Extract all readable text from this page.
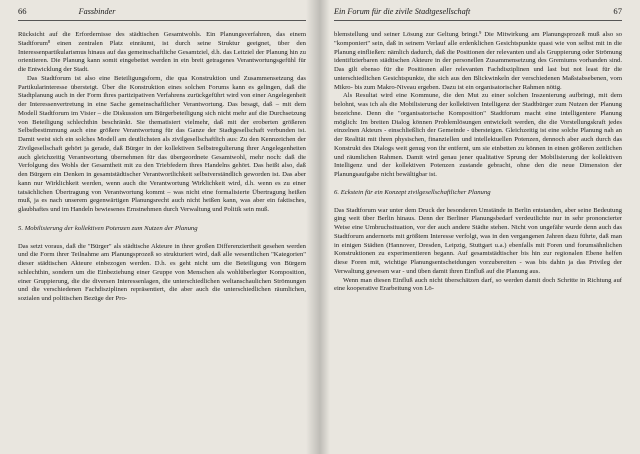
66	Fassbinder

Rücksicht auf die Erfordernisse des städtischen Gesamtwohls. Ein Planungsverfahren, das einem Stadtforum⁸ einen zentralen Platz einräumt, ist durch seine Struktur geeignet, über den Interessenpartikularismus hinaus auf das gemeinschaftliche Gesamtziel, d.h. das Leitziel der Planung hin zu orientieren. Die Planung kann somit eingebettet werden in ein breit getragenes Verantwortungsgefühl für die Entwicklung der Stadt.

Das Stadtforum ist also eine Beteiligungsform, die qua Konstruktion und Zusammensetzung das Partikularinteresse übersteigt. Über die Konstruktion eines solchen Forums kann es gelingen, daß die Stadtplanung auch in der Form ihres partizipativen Verfahrens zurückgeführt wird von einer Angelegenheit der Interessenvertretung in eine Sache gemeinschaftlicher Verantwortung. Das besagt, daß – mit dem Modell Stadtforum im Visier – die Diskussion um Bürgerbeteiligung sich nicht mehr auf die Durchsetzung von Beteiligung schlechthin beschränkt. Sie thematisiert vielmehr, daß mit der eroberten größeren Selbstbestimmung auch eine größere Verantwortung für das Ganze der Stadtgesellschaft verbunden ist. Damit weist sich ein solches Modell am deutlichsten als zivilgesellschaftlich aus: Zu den Kennzeichen der Zivilgesellschaft gehört ja gerade, daß Bürger in der kollektiven Selbstregulierung ihrer Angelegenheiten auch gleichzeitig Verantwortung übernehmen für das übergeordnete Gesamtwohl, mehr noch: daß die Verfolgung des Wohls der Gesamtheit mit zu den Triebfedern ihres Handelns gehört. Das heißt also, daß den Bürgern ein Denken in gesamtstädtischer Verantwortlichkeit selbstverständlich geworden ist. Das aber kann nur Wirklichkeit werden, wenn auch die Verantwortung Wirklichkeit wird, d.h. wenn es zu einer tatsächlichen Übertragung von Verantwortung kommt – was nicht eine formalisierte Übertragung heißen muß, ja es nach unserem gegenwärtigen Planungsrecht auch nicht heißen kann, was aber ein faktisches, glaubhaftes und im Handeln bewiesenes Ernstnehmen durch Verwaltung und Politik sein muß.

5. Mobilisierung der kollektiven Potenzen zum Nutzen der Planung

Das setzt voraus, daß die "Bürger" als städtische Akteure in ihrer großen Differenziertheit gesehen werden und die Form ihrer Teilnahme am Planungsprozeß so strukturiert wird, daß alle wesentlichen "Kategorien" dieser städtischen Akteure einbezogen werden. D.h. es geht nicht um die Beteiligung von Bürgern schlechthin, sondern um die Einbeziehung einer Gruppe von Menschen als wohlüberlegter Komposition, einer Gruppierung, die die diversen Interessenlagen, die unterschiedlichen weltanschaulichen Strömungen und die verschiedenen Fachdisziplinen repräsentiert, die aber auch die unterschiedlichen räumlichen, sozialen und politischen Bezüge der Pro-

Ein Forum für die zivile Stadtgesellschaft	67

blemstellung und seiner Lösung zur Geltung bringt.⁹ Die Mitwirkung am Planungsprozeß muß also so "komponiert" sein, daß in seinem Verlauf alle erdenklichen Gesichtspunkte quasi wie von selbst mit in die Planung einfließen: nämlich dadurch, daß die Positionen der relevanten und als Gruppierung oder Strömung identifizierbaren städtischen Akteure in der personellen Zusammensetzung des Gremiums vorhanden sind. Das gilt ebenso für die Positionen aller relevanten Fachdisziplinen und last but not least für die unterschiedlichen Gesichtspunkte, die sich aus den Blickwinkeln der verschiedenen Maßstabsebenen, vom Mikro- bis zum Makro-Niveau ergeben. Dazu ist ein organisatorischer Rahmen nötig.

Als Resultat wird eine Kommune, die den Mut zu einer solchen Inszenierung aufbringt, mit dem belohnt, was ich als die Mobilisierung der kollektiven Intelligenz der Stadtbürger zum Nutzen der Planung bezeichne. Denn die "organisatorische Komposition" Stadtforum macht eine intelligentere Planung möglich: Im breiten Dialog können Problemlösungen entwickelt werden, die die Vorstellungskraft jedes einzelnen Akteurs - einschließlich der Gemeinde - übersteigen. Gleichzeitig ist eine solche Planung nah an der Realität mit ihren physischen, finanziellen und intellektuellen Potenzen, dennoch aber auch durch das Konstrukt des Dialogs weit genug von ihr entfernt, um sie einbetten zu können in einen größeren zeitlichen und räumlichen Rahmen. Damit wird genau jener qualitative Sprung der Mobilisierung der kollektiven Intelligenz und der kollektiven Potenzen zustande gebracht, ohne den die neue Dimension der Planungsaufgabe nicht bewältigbar ist.

6. Eckstein für ein Konzept zivilgesellschaftlicher Planung

Das Stadtforum war unter dem Druck der besonderen Umstände in Berlin entstanden, aber seine Bedeutung ging weit über Berlin hinaus. Denn der Berliner Planungsbedarf verdeutlichte nur in sehr prononcierter Weise eine Umbruchsituation, vor der auch andere Städte stehen. Nicht von ungefähr wurde denn auch das Stadtforum andernorts mit größtem Interesse verfolgt, was in den vergangenen Jahren dazu führte, daß man in einigen Städten (Hannover, Dresden, Leipzig, Stuttgart u.a.) ebenfalls mit Foren und forumsähnlichen Konstruktionen zu experimentieren begann. Auf gesamtstädtischer bis hin zur regionalen Ebene helfen diese Foren mit, wichtige Planungsentscheidungen vorzubereiten - was bis dahin ja das Privileg der Verwaltung gewesen war - und üben damit ihren Einfluß auf die Planung aus.

Wenn man diesen Einfluß auch nicht überschätzen darf, so werden damit doch Schritte in Richtung auf eine kooperative Erarbeitung von Lö-
